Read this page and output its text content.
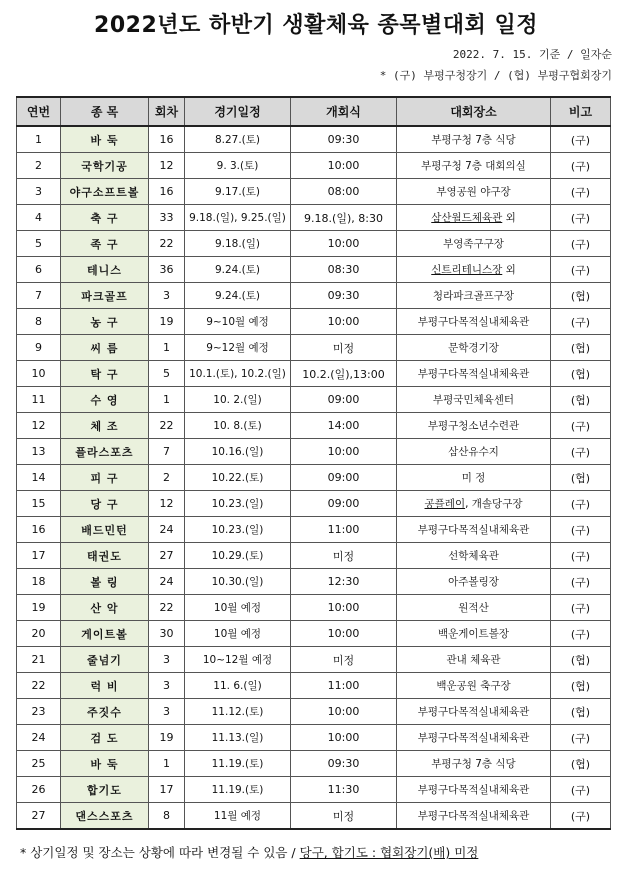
2022년도 하반기 생활체육 종목별대회 일정
2022. 7. 15. 기준 / 일자순
* (구) 부평구청장기 / (협) 부평구협회장기
연번	종 목	회차	경기일정	개회식	대회장소	비고
1	바 둑	16	8.27.(토)	09:30	부평구청 7층 식당	(구)
2	국학기공	12	9. 3.(토)	10:00	부평구청 7층 대회의실	(구)
3	야구소프트볼	16	9.17.(토)	08:00	부영공원 야구장	(구)
4	축 구	33	9.18.(일), 9.25.(일)	9.18.(일), 8:30	삼산월드체육관 외	(구)
5	족 구	22	9.18.(일)	10:00	부영족구구장	(구)
6	테니스	36	9.24.(토)	08:30	신트리테니스장 외	(구)
7	파크골프	3	9.24.(토)	09:30	청라파크골프구장	(협)
8	농 구	19	9~10월 예정	10:00	부평구다목적실내체육관	(구)
9	씨 름	1	9~12월 예정	미정	문학경기장	(협)
10	탁 구	5	10.1.(토), 10.2.(일)	10.2.(일),13:00	부평구다목적실내체육관	(협)
11	수 영	1	10. 2.(일)	09:00	부평국민체육센터	(협)
12	체 조	22	10. 8.(토)	14:00	부평구청소년수련관	(구)
13	플라스포츠	7	10.16.(일)	10:00	삼산유수지	(구)
14	피 구	2	10.22.(토)	09:00	미 정	(협)
15	당 구	12	10.23.(일)	09:00	공플레이, 개솔당구장	(구)
16	배드민턴	24	10.23.(일)	11:00	부평구다목적실내체육관	(구)
17	태권도	27	10.29.(토)	미정	선학체육관	(구)
18	볼 링	24	10.30.(일)	12:30	아주볼링장	(구)
19	산 악	22	10월 예정	10:00	원적산	(구)
20	게이트볼	30	10월 예정	10:00	백운게이트볼장	(구)
21	줄넘기	3	10~12월 예정	미정	관내 체육관	(협)
22	럭 비	3	11. 6.(일)	11:00	백운공원 축구장	(협)
23	주짓수	3	11.12.(토)	10:00	부평구다목적실내체육관	(협)
24	검 도	19	11.13.(일)	10:00	부평구다목적실내체육관	(구)
25	바 둑	1	11.19.(토)	09:30	부평구청 7층 식당	(협)
26	합기도	17	11.19.(토)	11:30	부평구다목적실내체육관	(구)
27	댄스스포츠	8	11월 예정	미정	부평구다목적실내체육관	(구)
* 상기일정 및 장소는 상황에 따라 변경될 수 있음 / 당구, 합기도 : 협회장기(배) 미정
